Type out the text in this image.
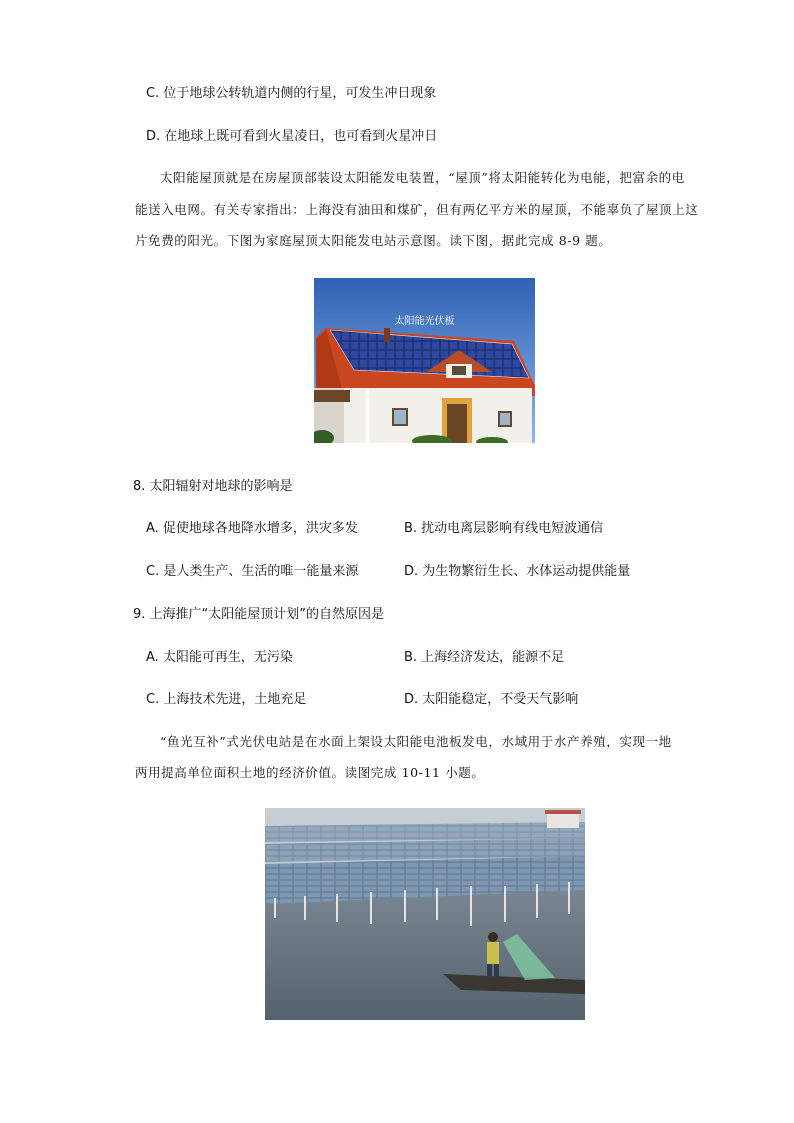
C. 位于地球公转轨道内侧的行星，可发生冲日现象
D. 在地球上既可看到火星凌日，也可看到火星冲日
太阳能屋顶就是在房屋顶部装设太阳能发电装置，“屋顶”将太阳能转化为电能，把富余的电
能送入电网。有关专家指出：上海没有油田和煤矿，但有两亿平方米的屋顶，不能辜负了屋顶上这
片免费的阳光。下图为家庭屋顶太阳能发电站示意图。读下图，据此完成 8-9 题。
太阳能光伏板
8. 太阳辐射对地球的影响是
A. 促使地球各地降水增多，洪灾多发	B. 扰动电离层影响有线电短波通信
C. 是人类生产、生活的唯一能量来源	D. 为生物繁衍生长、水体运动提供能量
9. 上海推广“太阳能屋顶计划”的自然原因是
A. 太阳能可再生，无污染	B. 上海经济发达，能源不足
C. 上海技术先进，土地充足	D. 太阳能稳定，不受天气影响
“鱼光互补”式光伏电站是在水面上架设太阳能电池板发电，水域用于水产养殖，实现一地
两用提高单位面积土地的经济价值。读图完成 10-11 小题。
